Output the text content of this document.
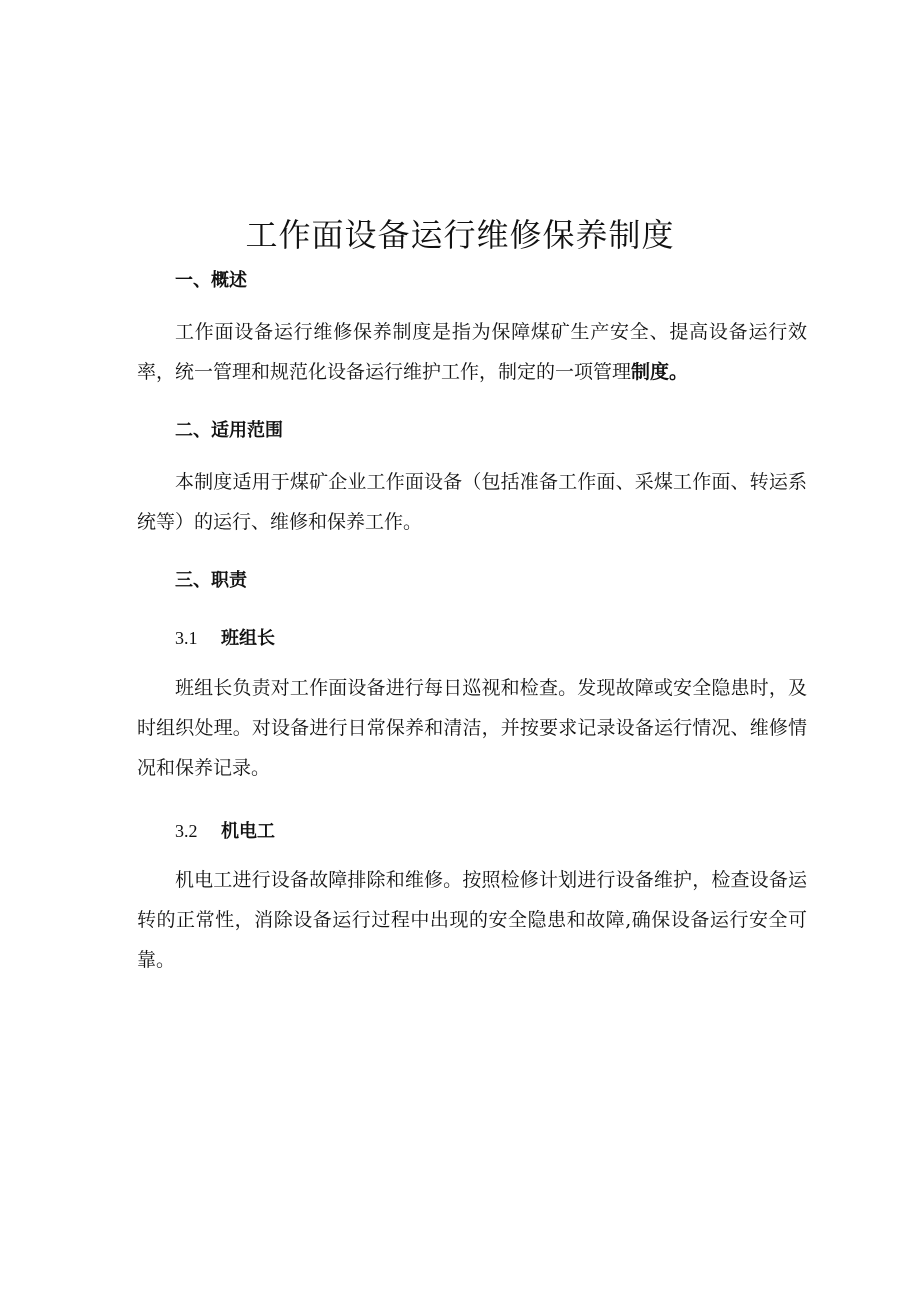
工作面设备运行维修保养制度
一、概述

工作面设备运行维修保养制度是指为保障煤矿生产安全、提高设备运行效率，统一管理和规范化设备运行维护工作，制定的一项管理制度。

二、适用范围

本制度适用于煤矿企业工作面设备（包括准备工作面、采煤工作面、转运系统等）的运行、维修和保养工作。

三、职责
3.1 班组长

班组长负责对工作面设备进行每日巡视和检查。发现故障或安全隐患时，及时组织处理。对设备进行日常保养和清洁，并按要求记录设备运行情况、维修情况和保养记录。

3.2 机电工

机电工进行设备故障排除和维修。按照检修计划进行设备维护，检查设备运转的正常性，消除设备运行过程中出现的安全隐患和故障,确保设备运行安全可靠。
